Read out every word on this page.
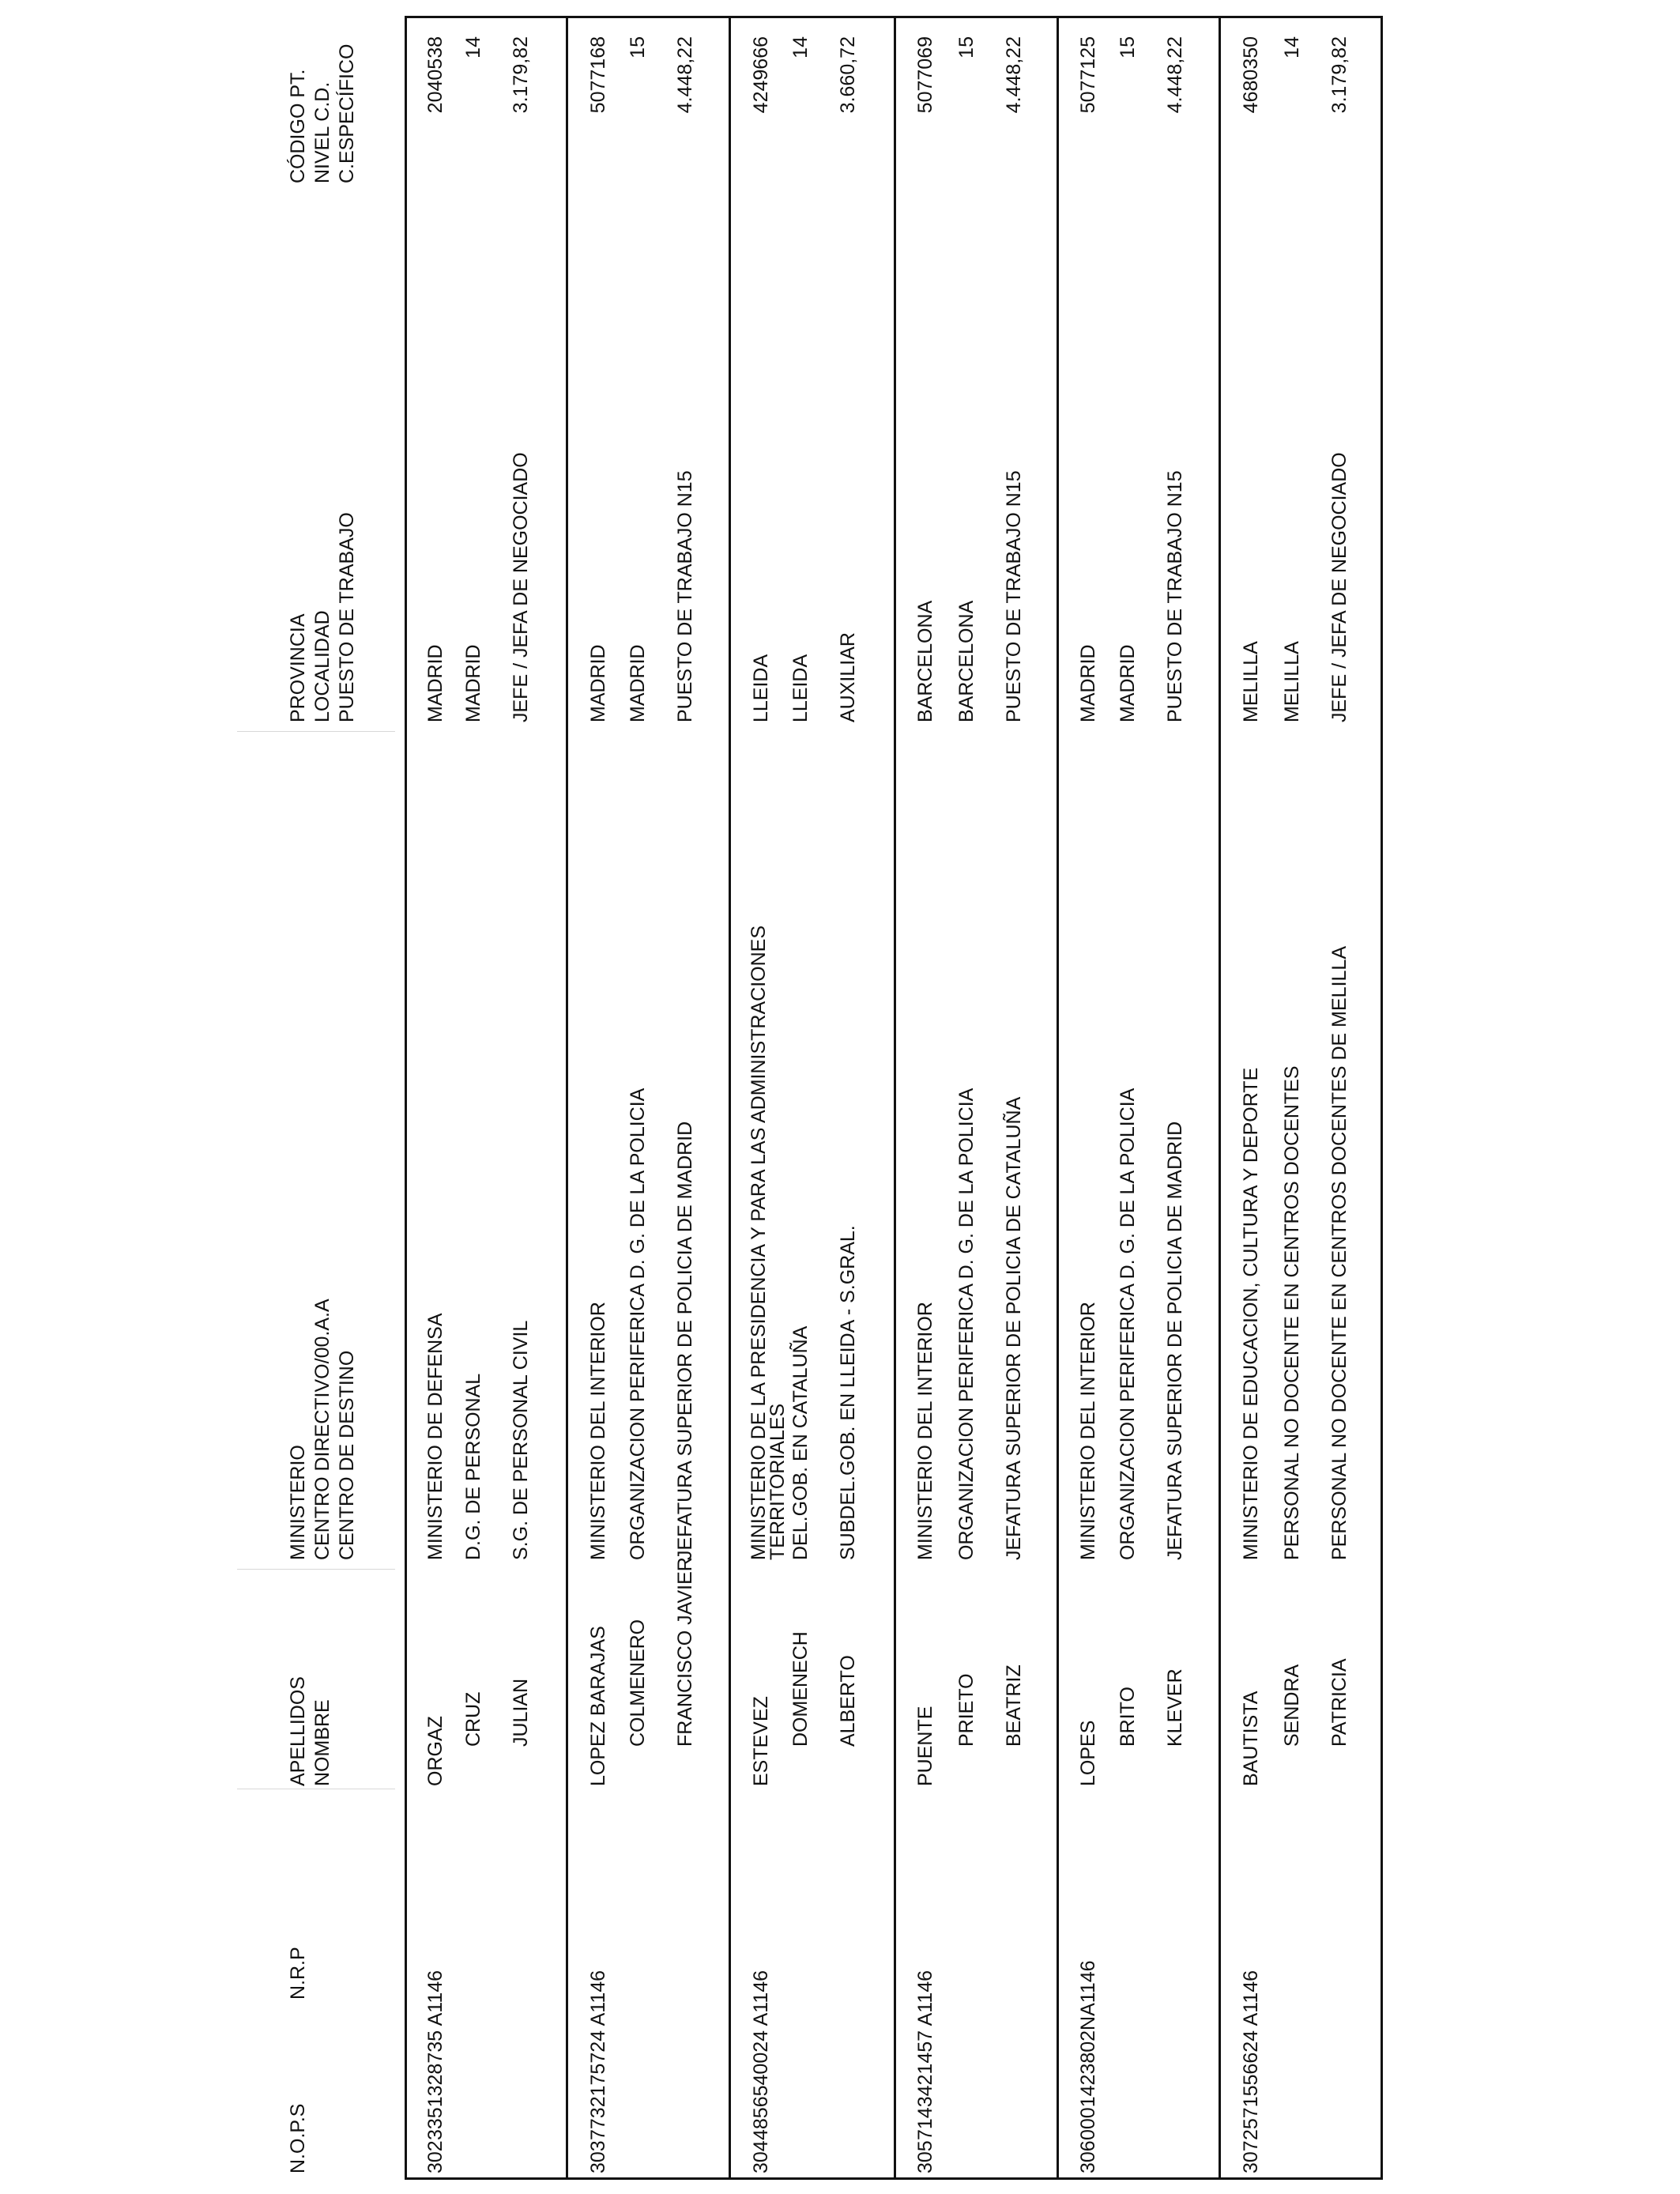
N.O.P.S
N.R.P
APELLIDOS
NOMBRE
MINISTERIO
CENTRO DIRECTIVO/00.A.A
CENTRO DE DESTINO
PROVINCIA
LOCALIDAD
PUESTO DE TRABAJO
CÓDIGO PT.
NIVEL C.D.
C.ESPECÍFICO
302
3351328735 A1146
ORGAZ CRUZ JULIAN
MINISTERIO DE DEFENSA D.G. DE PERSONAL S.G. DE PERSONAL CIVIL
MADRID MADRID JEFE / JEFA DE NEGOCIADO
2040538 14 3.179,82
303
7732175724 A1146
LOPEZ BARAJAS COLMENERO FRANCISCO JAVIER
MINISTERIO DEL INTERIOR ORGANIZACION PERIFERICA D. G. DE LA POLICIA JEFATURA SUPERIOR DE POLICIA DE MADRID
MADRID MADRID PUESTO DE TRABAJO N15
5077168 15 4.448,22
304
4856540024 A1146
ESTEVEZ DOMENECH ALBERTO
MINISTERIO DE LA PRESIDENCIA Y PARA LAS ADMINISTRACIONES
TERRITORIALES DEL.GOB. EN CATALUÑA SUBDEL.GOB. EN LLEIDA - S.GRAL.
LLEIDA LLEIDA AUXILIAR
4249666 14 3.660,72
305
7143421457 A1146
PUENTE PRIETO BEATRIZ
MINISTERIO DEL INTERIOR ORGANIZACION PERIFERICA D. G. DE LA POLICIA JEFATURA SUPERIOR DE POLICIA DE CATALUÑA
BARCELONA BARCELONA PUESTO DE TRABAJO N15
5077069 15 4.448,22
306
0001423802NA1146
LOPES
BRITO KLEVER
MINISTERIO DEL INTERIOR ORGANIZACION PERIFERICA D. G. DE LA POLICIA JEFATURA SUPERIOR DE POLICIA DE MADRID
MADRID MADRID PUESTO DE TRABAJO N15
5077125 15 4.448,22
307
2571556624 A1146
BAUTISTA SENDRA PATRICIA
MINISTERIO DE EDUCACION, CULTURA Y DEPORTE PERSONAL NO DOCENTE EN CENTROS DOCENTES PERSONAL NO DOCENTE EN CENTROS DOCENTES DE MELILLA
MELILLA MELILLA JEFE / JEFA DE NEGOCIADO
4680350 14 3.179,82
